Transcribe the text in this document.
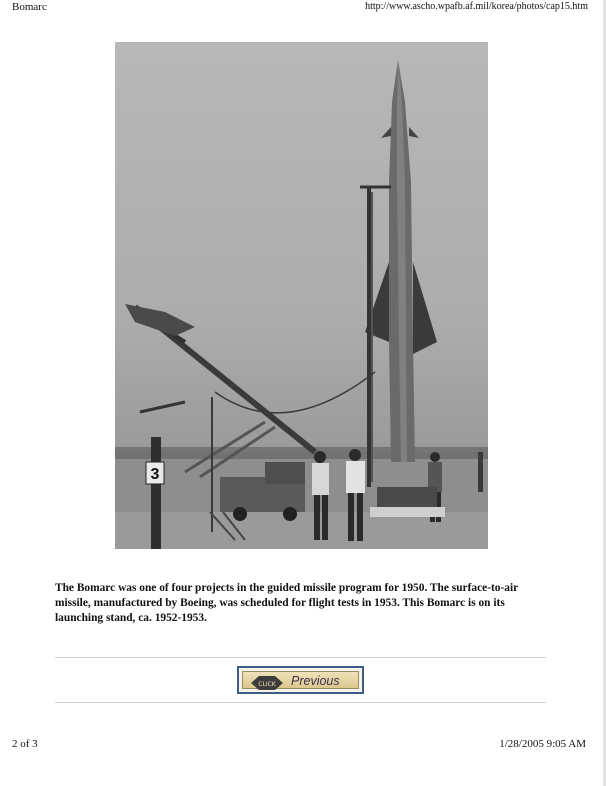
Bomarc	http://www.ascho.wpafb.af.mil/korea/photos/cap15.htm
3
The Bomarc was one of four projects in the guided missile program for 1950. The surface-to-air missile, manufactured by Boeing, was scheduled for flight tests in 1953. This Bomarc is on its launching stand, ca. 1952-1953.
CLICK Previous
2 of 3	1/28/2005 9:05 AM
